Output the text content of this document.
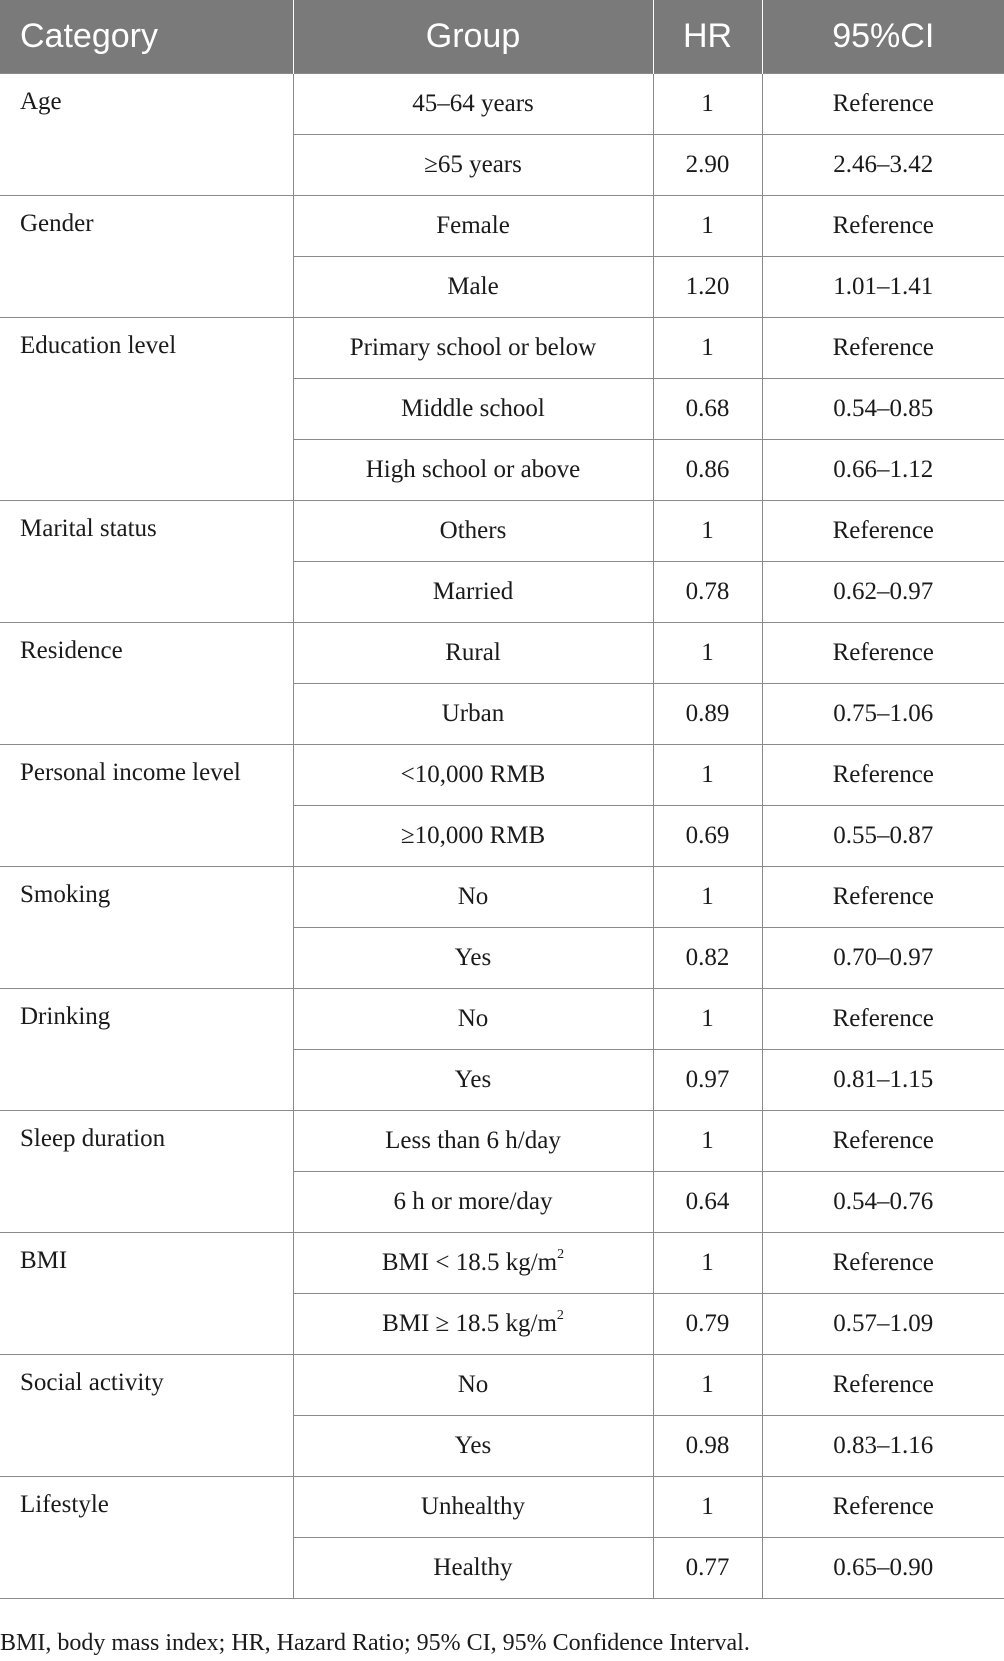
Category	Group	HR	95%CI

Age	45–64 years	1	Reference
	≥65 years	2.90	2.46–3.42

Gender	Female	1	Reference
	Male	1.20	1.01–1.41

Education level	Primary school or below	1	Reference
	Middle school	0.68	0.54–0.85
	High school or above	0.86	0.66–1.12

Marital status	Others	1	Reference
	Married	0.78	0.62–0.97

Residence	Rural	1	Reference
	Urban	0.89	0.75–1.06

Personal income level	<10,000 RMB	1	Reference
	≥10,000 RMB	0.69	0.55–0.87

Smoking	No	1	Reference
	Yes	0.82	0.70–0.97

Drinking	No	1	Reference
	Yes	0.97	0.81–1.15

Sleep duration	Less than 6 h/day	1	Reference
	6 h or more/day	0.64	0.54–0.76

BMI	BMI < 18.5 $kg/m^2$	1	Reference
	BMI ≥ 18.5 $kg/m^2$	0.79	0.57–1.09

Social activity	No	1	Reference
	Yes	0.98	0.83–1.16

Lifestyle	Unhealthy	1	Reference
	Healthy	0.77	0.65–0.90
BMI, body mass index; HR, Hazard Ratio; 95% CI, 95% Confidence Interval.
